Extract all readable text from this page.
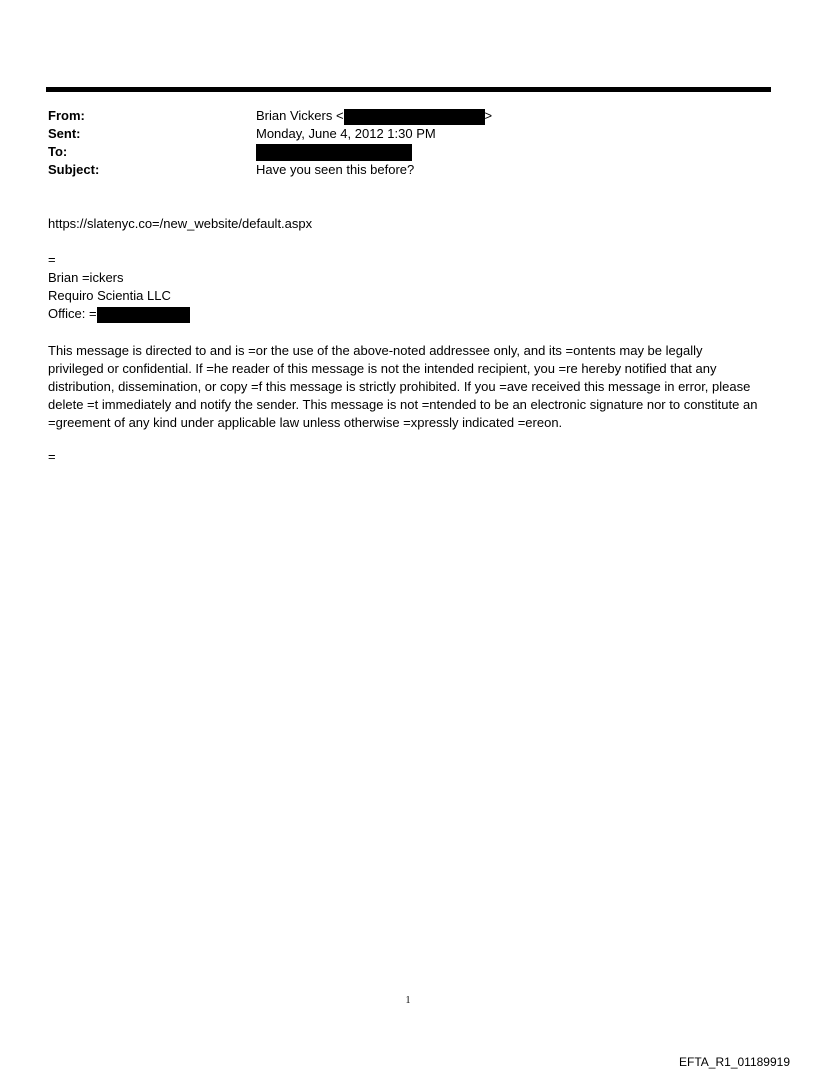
From:	Brian Vickers <	>
Sent:	Monday, June 4, 2012 1:30 PM
To:
Subject:	Have you seen this before?
https://slatenyc.co=/new_website/default.aspx
=
Brian =ickers
Requiro Scientia LLC
Office: =
This message is directed to and is =or the use of the above-noted addressee only, and its =ontents may be legally privileged or confidential. If =he reader of this message is not the intended recipient, you =re hereby notified that any distribution, dissemination, or copy =f this message is strictly prohibited. If you =ave received this message in error, please delete =t immediately and notify the sender. This message is not =ntended to be an electronic signature nor to constitute an =greement of any kind under applicable law unless otherwise =xpressly indicated =ereon.
=
1
EFTA_R1_01189919
